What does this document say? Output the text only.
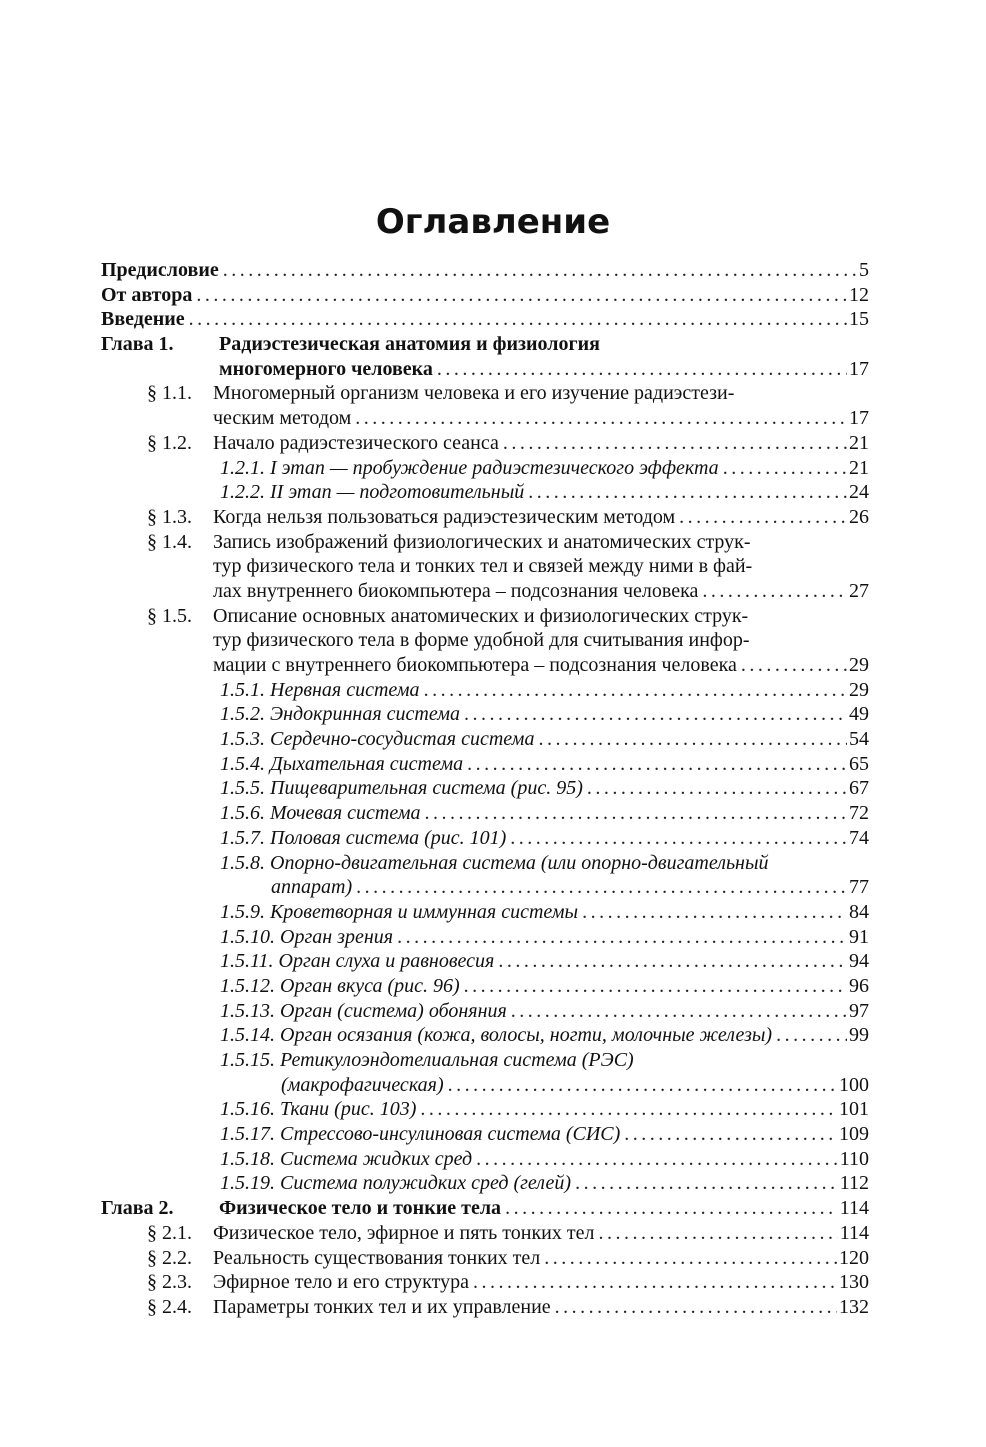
Оглавление
Предисловие .....	5
От автора .....	12
Введение .....	15
Глава 1. Радиэстезическая анатомия и физиология
многомерного человека .....	17
§ 1.1. Многомерный организм человека и его изучение радиэстези-
ческим методом .....	17
§ 1.2. Начало радиэстезического сеанса .....	21
1.2.1. I этап — пробуждение радиэстезического эффекта .....	21
1.2.2. II этап — подготовительный .....	24
§ 1.3. Когда нельзя пользоваться радиэстезическим методом .....	26
§ 1.4. Запись изображений физиологических и анатомических струк-
тур физического тела и тонких тел и связей между ними в фай-
лах внутреннего биокомпьютера – подсознания человека .....	27
§ 1.5. Описание основных анатомических и физиологических струк-
тур физического тела в форме удобной для считывания инфор-
мации с внутреннего биокомпьютера – подсознания человека .....	29
1.5.1. Нервная система .....	29
1.5.2. Эндокринная система .....	49
1.5.3. Сердечно-сосудистая система .....	54
1.5.4. Дыхательная система .....	65
1.5.5. Пищеварительная система (рис. 95) .....	67
1.5.6. Мочевая система .....	72
1.5.7. Половая система (рис. 101) .....	74
1.5.8. Опорно-двигательная система (или опорно-двигательный
аппарат) .....	77
1.5.9. Кроветворная и иммунная системы .....	84
1.5.10. Орган зрения .....	91
1.5.11. Орган слуха и равновесия .....	94
1.5.12. Орган вкуса (рис. 96) .....	96
1.5.13. Орган (система) обоняния .....	97
1.5.14. Орган осязания (кожа, волосы, ногти, молочные железы) .....	99
1.5.15. Ретикулоэндотелиальная система (РЭС)
(макрофагическая) .....	100
1.5.16. Ткани (рис. 103) .....	101
1.5.17. Стрессово-инсулиновая система (СИС) .....	109
1.5.18. Система жидких сред .....	110
1.5.19. Система полужидких сред (гелей) .....	112
Глава 2. Физическое тело и тонкие тела .....	114
§ 2.1. Физическое тело, эфирное и пять тонких тел .....	114
§ 2.2. Реальность существования тонких тел .....	120
§ 2.3. Эфирное тело и его структура .....	130
§ 2.4. Параметры тонких тел и их управление .....	132
